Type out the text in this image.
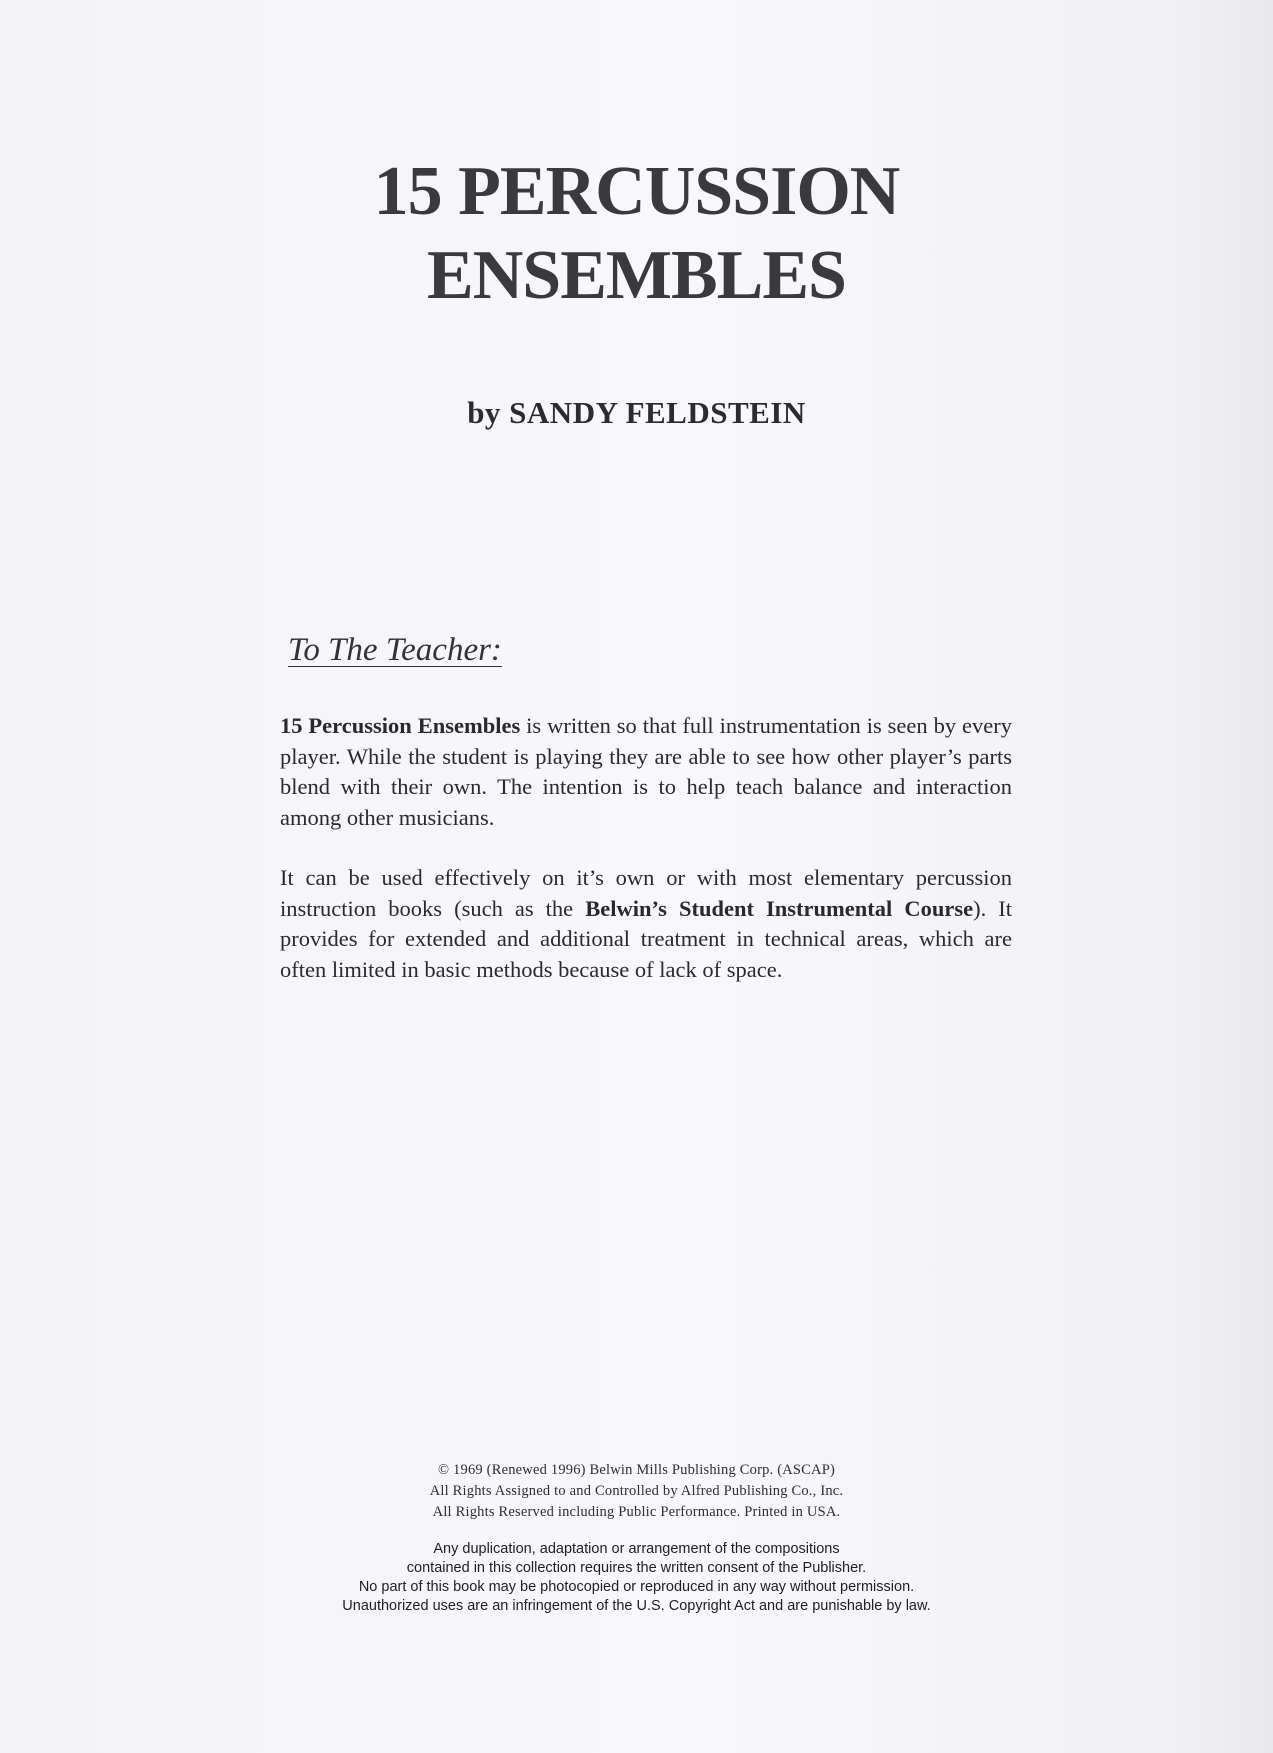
15 PERCUSSION
ENSEMBLES
by SANDY FELDSTEIN
To The Teacher:

15 Percussion Ensembles is written so that full instrumentation is seen by every player. While the student is playing they are able to see how other player’s parts blend with their own. The intention is to help teach balance and interaction among other musicians.

It can be used effectively on it’s own or with most elementary percussion instruction books (such as the Belwin’s Student Instrumental Course). It provides for extended and additional treatment in technical areas, which are often limited in basic methods because of lack of space.

© 1969 (Renewed 1996) Belwin Mills Publishing Corp. (ASCAP)
All Rights Assigned to and Controlled by Alfred Publishing Co., Inc.
All Rights Reserved including Public Performance. Printed in USA.
Any duplication, adaptation or arrangement of the compositions
contained in this collection requires the written consent of the Publisher.
No part of this book may be photocopied or reproduced in any way without permission.
Unauthorized uses are an infringement of the U.S. Copyright Act and are punishable by law.
